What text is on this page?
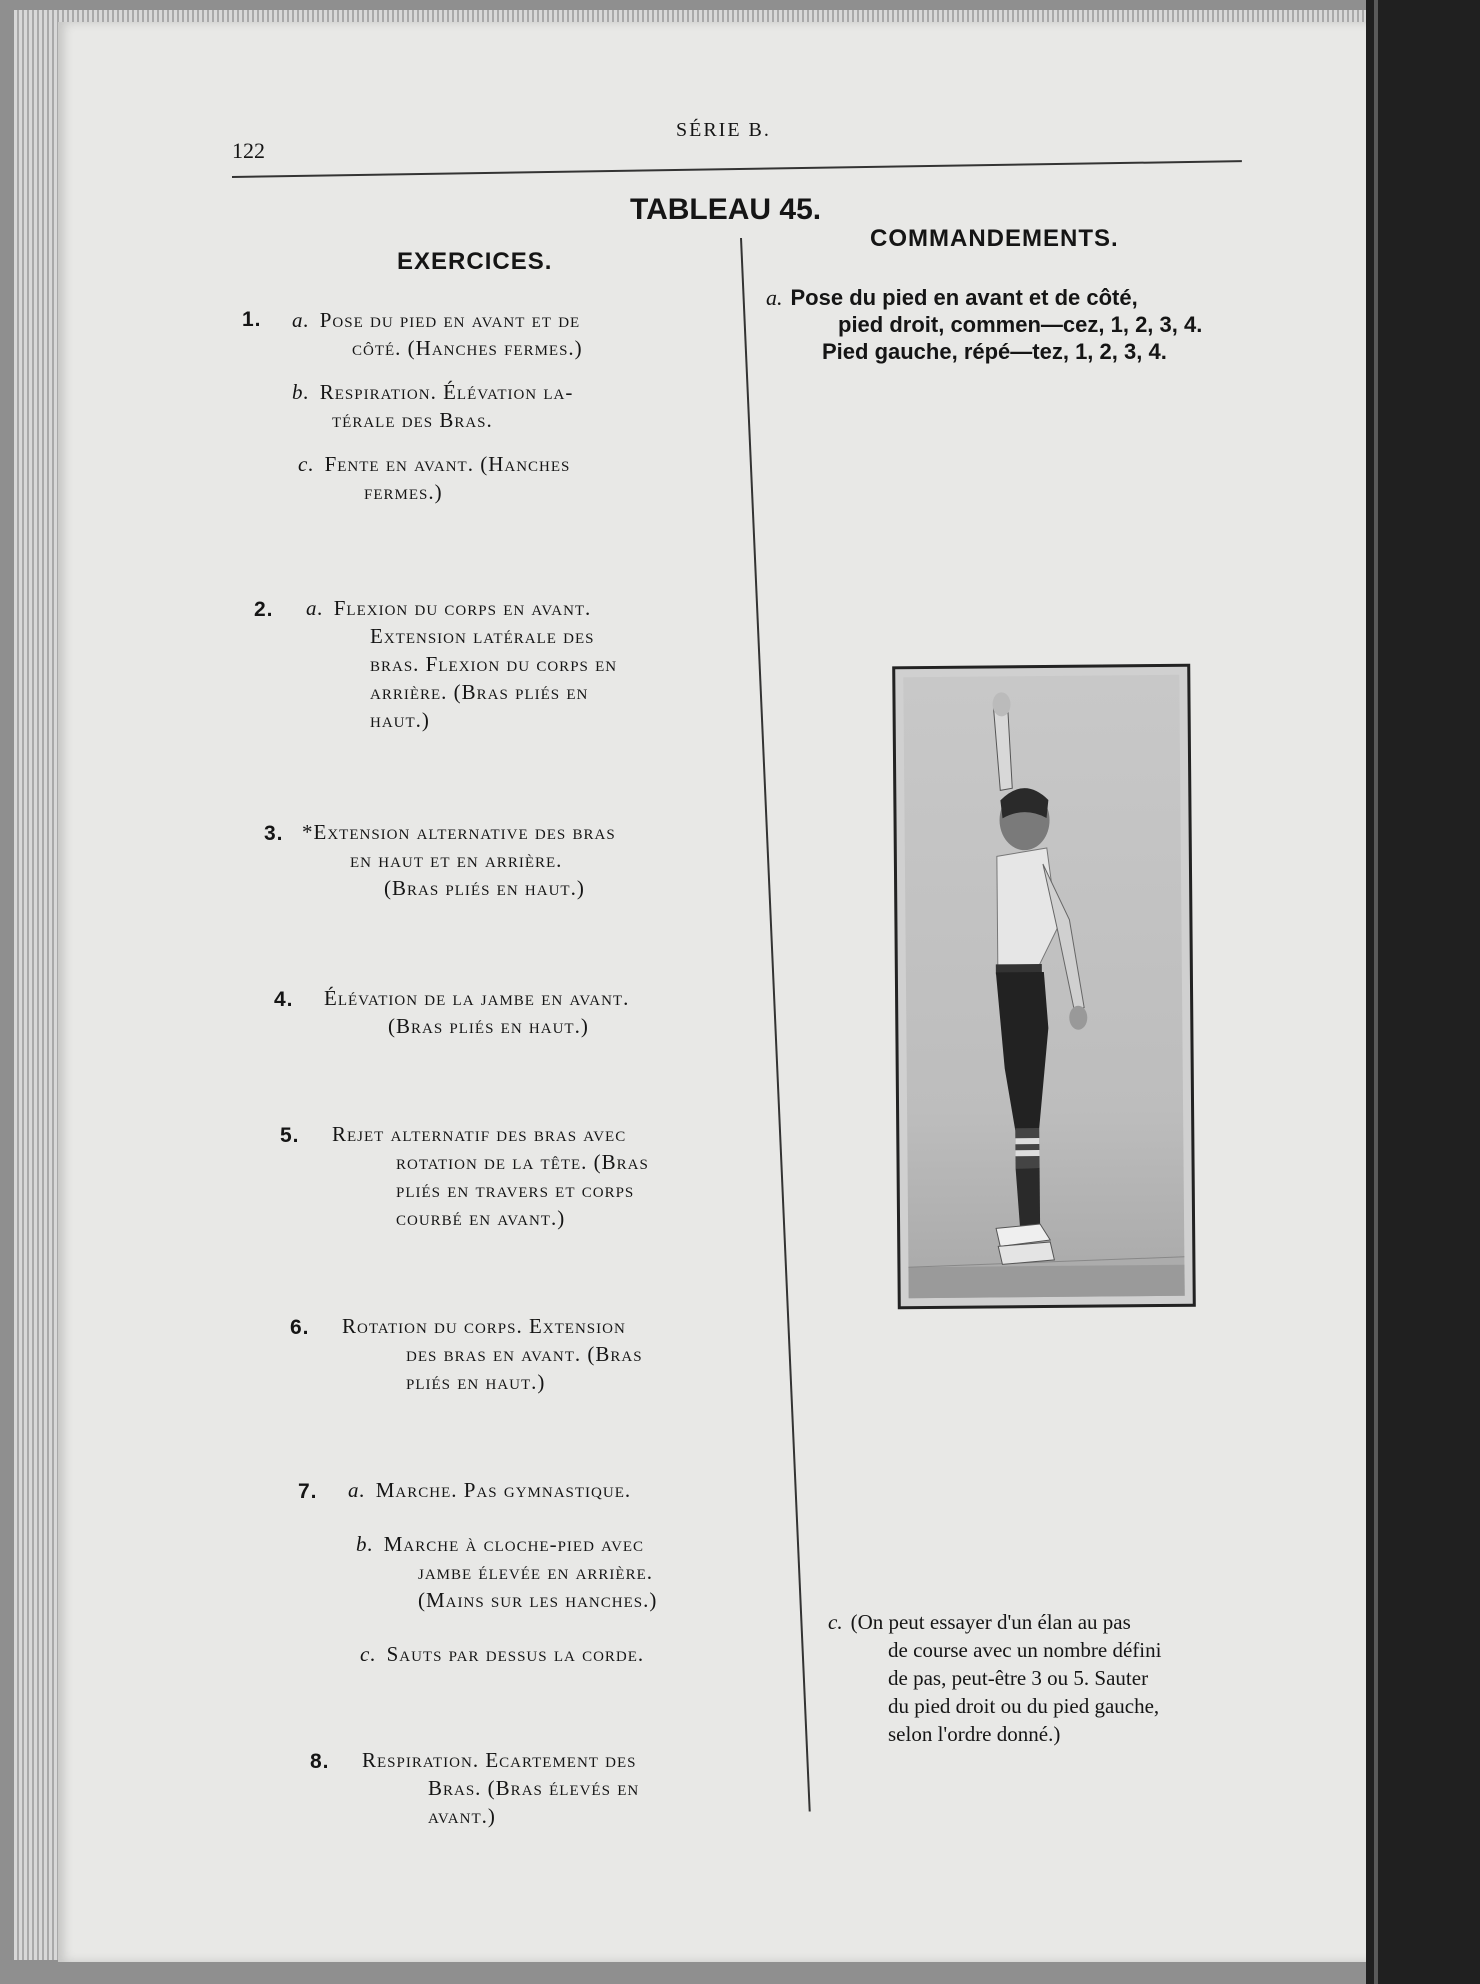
122
SÉRIE B.
TABLEAU 45.
EXERCICES.
COMMANDEMENTS.
1. a. Pose du pied en avant et de
côté. (Hanches fermes.)
b. Respiration. Élévation la-
térale des Bras.
c. Fente en avant. (Hanches
fermes.)
2. a. Flexion du corps en avant.
Extension latérale des
bras. Flexion du corps en
arrière. (Bras pliés en
haut.)
3. *Extension alternative des bras
en haut et en arrière.
(Bras pliés en haut.)
4. Élévation de la jambe en avant.
(Bras pliés en haut.)
5. Rejet alternatif des bras avec
rotation de la tête. (Bras
pliés en travers et corps
courbé en avant.)
6. Rotation du corps. Extension
des bras en avant. (Bras
pliés en haut.)
7. a. Marche. Pas gymnastique.
b. Marche à cloche-pied avec
jambe élevée en arrière.
(Mains sur les hanches.)
c. Sauts par dessus la corde.
8. Respiration. Ecartement des
Bras. (Bras élevés en
avant.)
a. Pose du pied en avant et de côté,
pied droit, commen—cez, 1, 2, 3, 4.
Pied gauche, répé—tez, 1, 2, 3, 4.
c. (On peut essayer d'un élan au pas
de course avec un nombre défini
de pas, peut-être 3 ou 5. Sauter
du pied droit ou du pied gauche,
selon l'ordre donné.)
